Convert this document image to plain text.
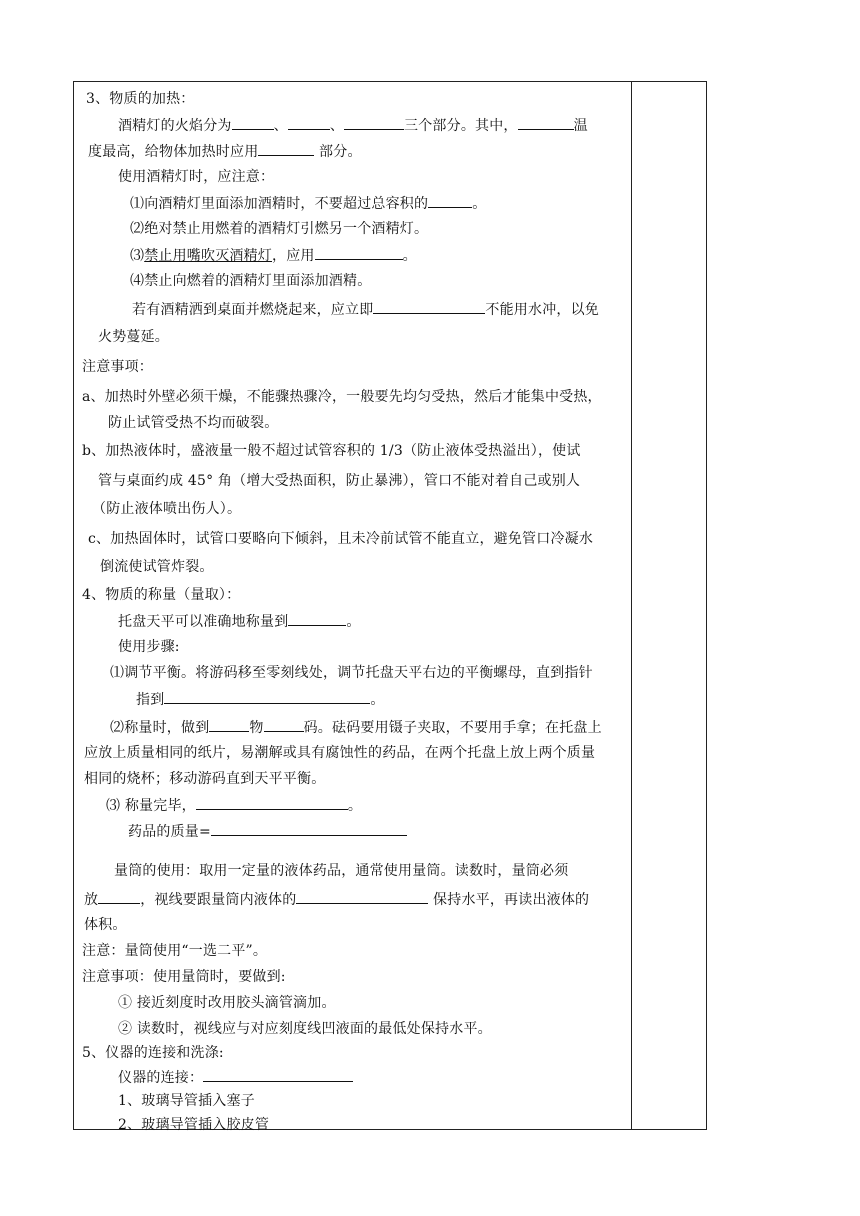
3、物质的加热：
酒精灯的火焰分为	、	、	三个部分。其中，	温
度最高，给物体加热时应用	部分。
使用酒精灯时，应注意：
⑴向酒精灯里面添加酒精时，不要超过总容积的	。
⑵绝对禁止用燃着的酒精灯引燃另一个酒精灯。
⑶禁止用嘴吹灭酒精灯，应用	。
⑷禁止向燃着的酒精灯里面添加酒精。
若有酒精洒到桌面并燃烧起来，应立即	不能用水冲，以免
火势蔓延。
注意事项：
a、加热时外壁必须干燥，不能骤热骤冷，一般要先均匀受热，然后才能集中受热，
防止试管受热不均而破裂。
b、加热液体时，盛液量一般不超过试管容积的 1/3（防止液体受热溢出），使试
管与桌面约成 45° 角（增大受热面积，防止暴沸），管口不能对着自己或别人
（防止液体喷出伤人）。
c、加热固体时，试管口要略向下倾斜，且未冷前试管不能直立，避免管口冷凝水
倒流使试管炸裂。
4、物质的称量（量取）：
托盘天平可以准确地称量到	。
使用步骤:
⑴调节平衡。将游码移至零刻线处，调节托盘天平右边的平衡螺母，直到指针
指到	。
⑵称量时，做到	物	码。砝码要用镊子夹取，不要用手拿；在托盘上
应放上质量相同的纸片，易潮解或具有腐蚀性的药品，在两个托盘上放上两个质量
相同的烧杯；移动游码直到天平平衡。
⑶ 称量完毕，	。
药品的质量=
量筒的使用：取用一定量的液体药品，通常使用量筒。读数时，量筒必须
放	，视线要跟量筒内液体的	保持水平，再读出液体的
体积。
注意：量筒使用“一选二平”。
注意事项：使用量筒时，要做到:
① 接近刻度时改用胶头滴管滴加。
② 读数时，视线应与对应刻度线凹液面的最低处保持水平。
5、仪器的连接和洗涤:
仪器的连接：
1、玻璃导管插入塞子
2、玻璃导管插入胶皮管
